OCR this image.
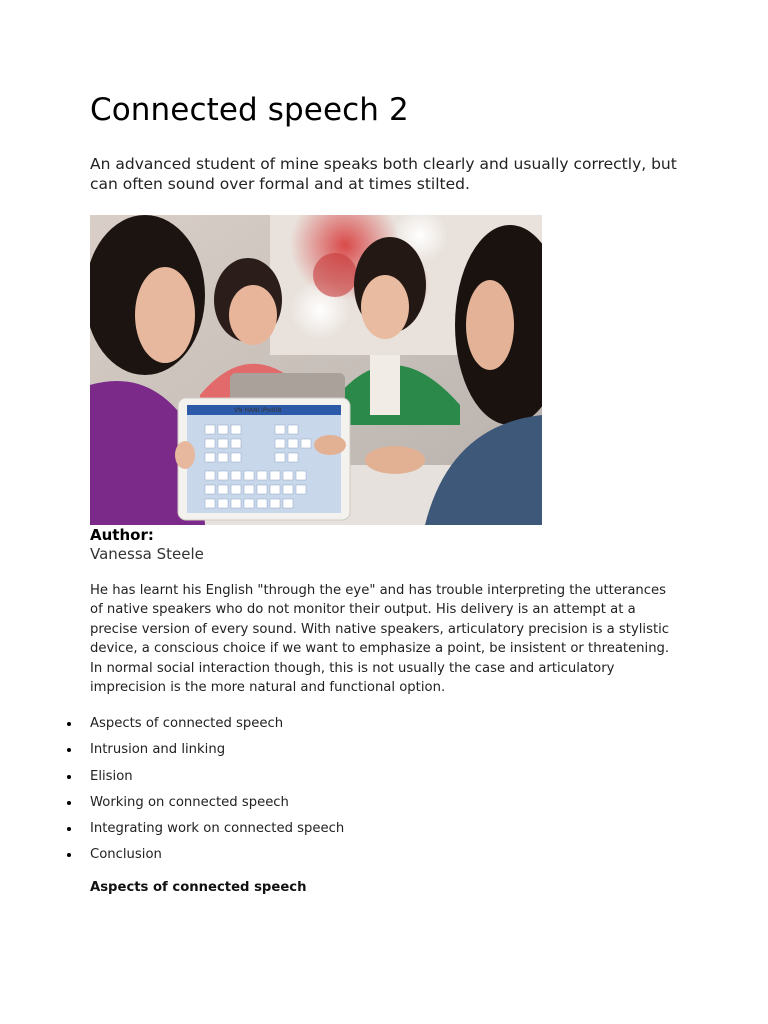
Connected speech 2

An advanced student of mine speaks both clearly and usually correctly, but can often sound over formal and at times stilted.

VN HANI iPod08

Author:

Vanessa Steele

He has learnt his English "through the eye" and has trouble interpreting the utterances of native speakers who do not monitor their output. His delivery is an attempt at a precise version of every sound. With native speakers, articulatory precision is a stylistic device, a conscious choice if we want to emphasize a point, be insistent or threatening. In normal social interaction though, this is not usually the case and articulatory imprecision is the more natural and functional option.

Aspects of connected speech
Intrusion and linking
Elision
Working on connected speech
Integrating work on connected speech
Conclusion
Aspects of connected speech
